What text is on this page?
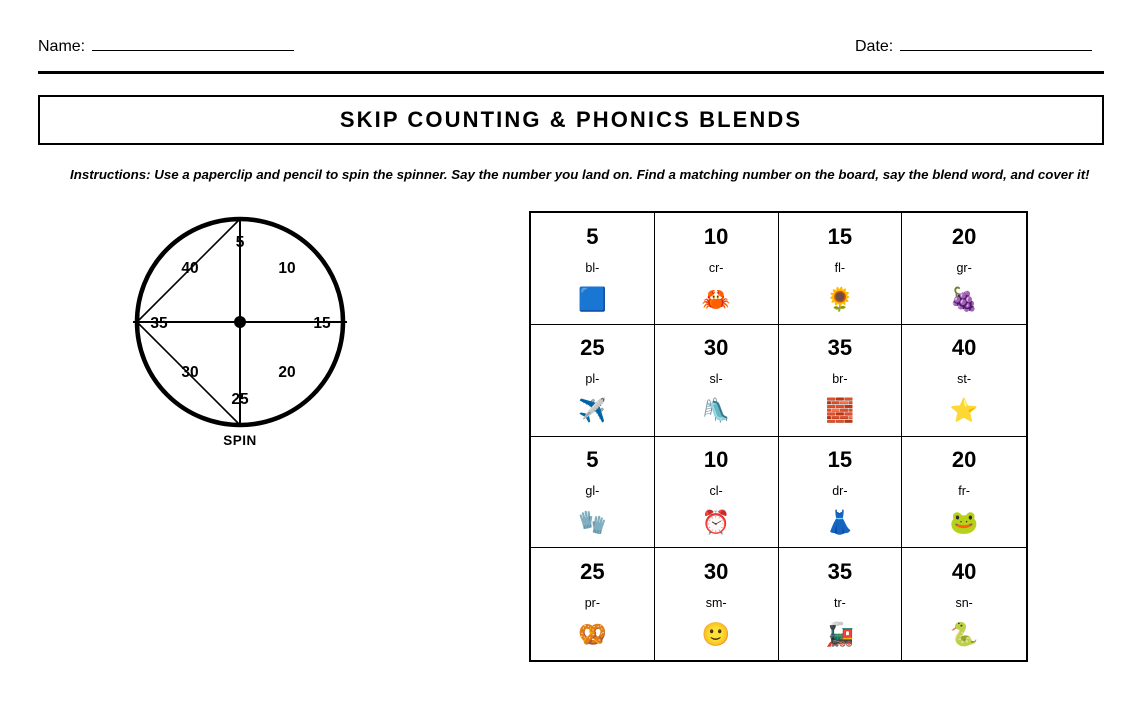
Name:	Date:
SKIP COUNTING & PHONICS BLENDS
Instructions: Use a paperclip and pencil to spin the spinner. Say the number you land on. Find a matching number on the board, say the blend word, and cover it!
5
10
15
20
25
30
35
40
SPIN
5
bl-
🟦
10
cr-
🦀
15
fl-
🌻
20
gr-
🍇
25
pl-
✈️
30
sl-
🛝
35
br-
🧱
40
st-
⭐
5
gl-
🧤
10
cl-
⏰
15
dr-
👗
20
fr-
🐸
25
pr-
🥨
30
sm-
🙂
35
tr-
🚂
40
sn-
🐍
